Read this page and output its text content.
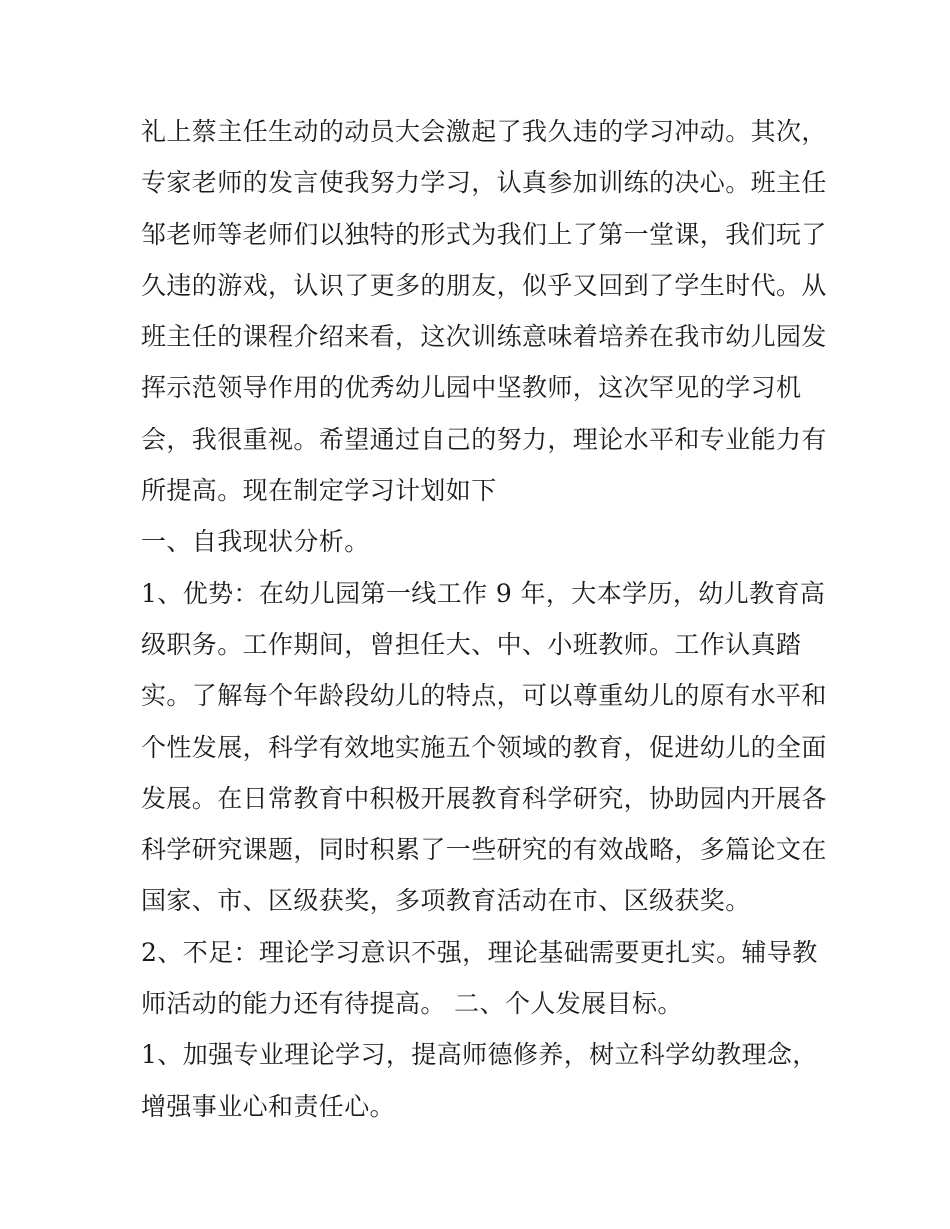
礼上蔡主任生动的动员大会激起了我久违的学习冲动。其次，
专家老师的发言使我努力学习，认真参加训练的决心。班主任
邹老师等老师们以独特的形式为我们上了第一堂课，我们玩了
久违的游戏，认识了更多的朋友，似乎又回到了学生时代。从
班主任的课程介绍来看，这次训练意味着培养在我市幼儿园发
挥示范领导作用的优秀幼儿园中坚教师，这次罕见的学习机
会，我很重视。希望通过自己的努力，理论水平和专业能力有
所提高。现在制定学习计划如下
一、自我现状分析。
1、优势：在幼儿园第一线工作 9 年，大本学历，幼儿教育高
级职务。工作期间，曾担任大、中、小班教师。工作认真踏
实。了解每个年龄段幼儿的特点，可以尊重幼儿的原有水平和
个性发展，科学有效地实施五个领域的教育，促进幼儿的全面
发展。在日常教育中积极开展教育科学研究，协助园内开展各
科学研究课题，同时积累了一些研究的有效战略，多篇论文在
国家、市、区级获奖，多项教育活动在市、区级获奖。
2、不足：理论学习意识不强，理论基础需要更扎实。辅导教
师活动的能力还有待提高。 二、个人发展目标。
1、加强专业理论学习，提高师德修养，树立科学幼教理念，
增强事业心和责任心。
